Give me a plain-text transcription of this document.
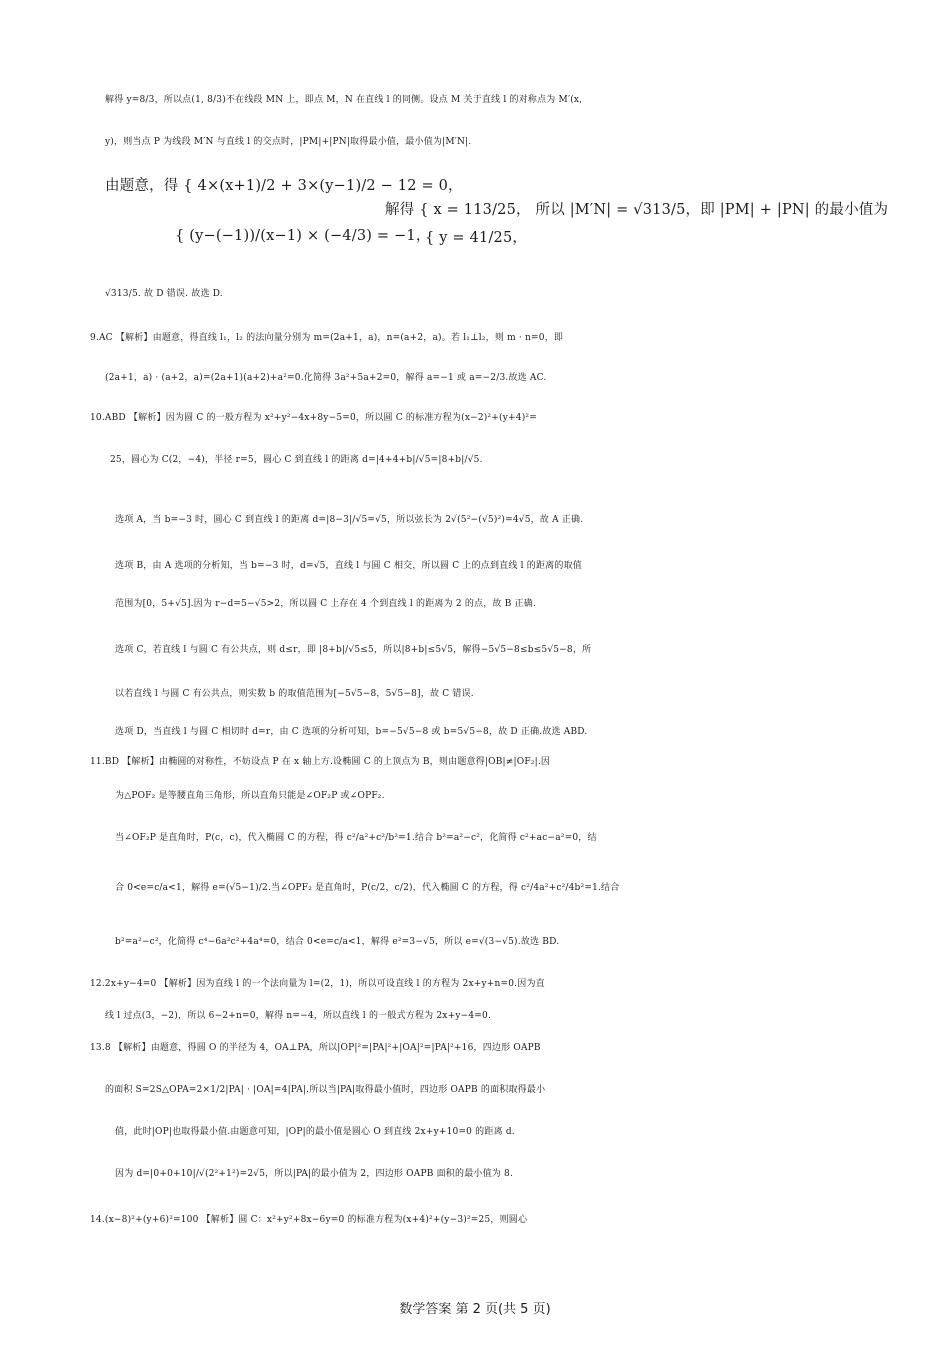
解得 y=8/3，所以点(1, 8/3)不在线段 MN 上，即点 M，N 在直线 l 的同侧。设点 M 关于直线 l 的对称点为 M′(x,
y)，则当点 P 为线段 M′N 与直线 l 的交点时，|PM|+|PN|取得最小值，最小值为|M′N|.
由题意，得 { 4×(x+1)/2 + 3×(y−1)/2 − 12 = 0，
解得 { x = 113/25， 所以 |M′N| = √313/5，即 |PM| + |PN| 的最小值为
{ (y−(−1))/(x−1) × (−4/3) = −1，
{ y = 41/25，
√313/5. 故 D 错误. 故选 D.
9.AC 【解析】由题意，得直线 l₁，l₂ 的法向量分别为 m=(2a+1，a)，n=(a+2，a)。若 l₁⊥l₂，则 m · n=0，即
(2a+1，a) · (a+2，a)=(2a+1)(a+2)+a²=0.化简得 3a²+5a+2=0，解得 a=−1 或 a=−2/3.故选 AC.
10.ABD 【解析】因为圆 C 的一般方程为 x²+y²−4x+8y−5=0，所以圆 C 的标准方程为(x−2)²+(y+4)²=
25，圆心为 C(2，−4)，半径 r=5，圆心 C 到直线 l 的距离 d=|4+4+b|/√5=|8+b|/√5.
选项 A，当 b=−3 时，圆心 C 到直线 l 的距离 d=|8−3|/√5=√5，所以弦长为 2√(5²−(√5)²)=4√5，故 A 正确.
选项 B，由 A 选项的分析知，当 b=−3 时，d=√5，直线 l 与圆 C 相交，所以圆 C 上的点到直线 l 的距离的取值
范围为[0，5+√5].因为 r−d=5−√5>2，所以圆 C 上存在 4 个到直线 l 的距离为 2 的点，故 B 正确.
选项 C，若直线 l 与圆 C 有公共点，则 d≤r，即 |8+b|/√5≤5，所以|8+b|≤5√5，解得−5√5−8≤b≤5√5−8，所
以若直线 l 与圆 C 有公共点，则实数 b 的取值范围为[−5√5−8，5√5−8]，故 C 错误.
选项 D，当直线 l 与圆 C 相切时 d=r，由 C 选项的分析可知，b=−5√5−8 或 b=5√5−8，故 D 正确.故选 ABD.
11.BD 【解析】由椭圆的对称性，不妨设点 P 在 x 轴上方.设椭圆 C 的上顶点为 B，则由题意得|OB|≠|OF₂|.因
为△POF₂ 是等腰直角三角形，所以直角只能是∠OF₂P 或∠OPF₂.
当∠OF₂P 是直角时，P(c，c)，代入椭圆 C 的方程，得 c²/a²+c²/b²=1.结合 b²=a²−c²，化简得 c²+ac−a²=0，结
合 0<e=c/a<1，解得 e=(√5−1)/2.当∠OPF₂ 是直角时，P(c/2，c/2)，代入椭圆 C 的方程，得 c²/4a²+c²/4b²=1.结合
b²=a²−c²，化简得 c⁴−6a²c²+4a⁴=0，结合 0<e=c/a<1，解得 e²=3−√5，所以 e=√(3−√5).故选 BD.
12.2x+y−4=0 【解析】因为直线 l 的一个法向量为 l=(2，1)，所以可设直线 l 的方程为 2x+y+n=0.因为直
线 l 过点(3，−2)，所以 6−2+n=0，解得 n=−4，所以直线 l 的一般式方程为 2x+y−4=0.
13.8 【解析】由题意，得圆 O 的半径为 4，OA⊥PA，所以|OP|²=|PA|²+|OA|²=|PA|²+16，四边形 OAPB
的面积 S=2S△OPA=2×1/2|PA| · |OA|=4|PA|.所以当|PA|取得最小值时，四边形 OAPB 的面积取得最小
值，此时|OP|也取得最小值.由题意可知，|OP|的最小值是圆心 O 到直线 2x+y+10=0 的距离 d.
因为 d=|0+0+10|/√(2²+1²)=2√5，所以|PA|的最小值为 2，四边形 OAPB 面积的最小值为 8.
14.(x−8)²+(y+6)²=100 【解析】圆 C：x²+y²+8x−6y=0 的标准方程为(x+4)²+(y−3)²=25，则圆心
数学答案 第 2 页(共 5 页)
